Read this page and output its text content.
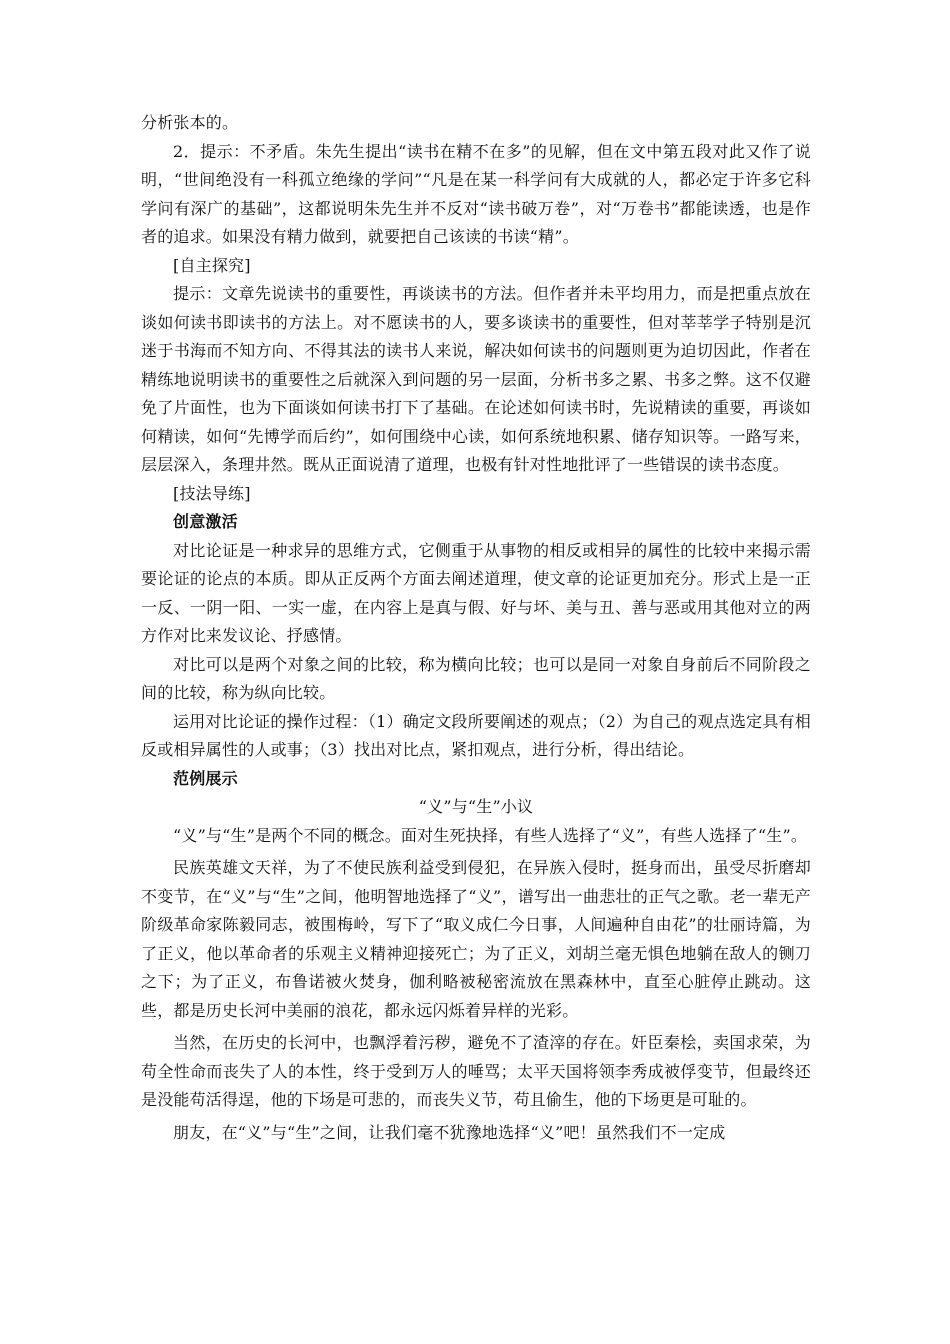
分析张本的。

2．提示：不矛盾。朱先生提出“读书在精不在多”的见解，但在文中第五段对此又作了说明，“世间绝没有一科孤立绝缘的学问”“凡是在某一科学问有大成就的人，都必定于许多它科学问有深广的基础”，这都说明朱先生并不反对“读书破万卷”，对“万卷书”都能读透，也是作者的追求。如果没有精力做到，就要把自己该读的书读“精”。

[自主探究]

提示：文章先说读书的重要性，再谈读书的方法。但作者并未平均用力，而是把重点放在谈如何读书即读书的方法上。对不愿读书的人，要多谈读书的重要性，但对莘莘学子特别是沉迷于书海而不知方向、不得其法的读书人来说，解决如何读书的问题则更为迫切因此，作者在精练地说明读书的重要性之后就深入到问题的另一层面，分析书多之累、书多之弊。这不仅避免了片面性，也为下面谈如何读书打下了基础。在论述如何读书时，先说精读的重要，再谈如何精读，如何“先博学而后约”，如何围绕中心读，如何系统地积累、储存知识等。一路写来，层层深入，条理井然。既从正面说清了道理，也极有针对性地批评了一些错误的读书态度。

[技法导练]

创意激活

对比论证是一种求异的思维方式，它侧重于从事物的相反或相异的属性的比较中来揭示需要论证的论点的本质。即从正反两个方面去阐述道理，使文章的论证更加充分。形式上是一正一反、一阴一阳、一实一虚，在内容上是真与假、好与坏、美与丑、善与恶或用其他对立的两方作对比来发议论、抒感情。

对比可以是两个对象之间的比较，称为横向比较；也可以是同一对象自身前后不同阶段之间的比较，称为纵向比较。

运用对比论证的操作过程：（1）确定文段所要阐述的观点；（2）为自己的观点选定具有相反或相异属性的人或事；（3）找出对比点，紧扣观点，进行分析，得出结论。

范例展示

“义”与“生”小议

“义”与“生”是两个不同的概念。面对生死抉择，有些人选择了“义”，有些人选择了“生”。

民族英雄文天祥，为了不使民族利益受到侵犯，在异族入侵时，挺身而出，虽受尽折磨却不变节，在“义”与“生”之间，他明智地选择了“义”，谱写出一曲悲壮的正气之歌。老一辈无产阶级革命家陈毅同志，被围梅岭，写下了“取义成仁今日事，人间遍种自由花”的壮丽诗篇，为了正义，他以革命者的乐观主义精神迎接死亡；为了正义，刘胡兰毫无惧色地躺在敌人的铡刀之下；为了正义，布鲁诺被火焚身，伽利略被秘密流放在黑森林中，直至心脏停止跳动。这些，都是历史长河中美丽的浪花，都永远闪烁着异样的光彩。

当然，在历史的长河中，也飘浮着污秽，避免不了渣滓的存在。奸臣秦桧，卖国求荣，为苟全性命而丧失了人的本性，终于受到万人的唾骂；太平天国将领李秀成被俘变节，但最终还是没能苟活得逞，他的下场是可悲的，而丧失义节，苟且偷生，他的下场更是可耻的。

朋友，在“义”与“生”之间，让我们毫不犹豫地选择“义”吧！虽然我们不一定成
